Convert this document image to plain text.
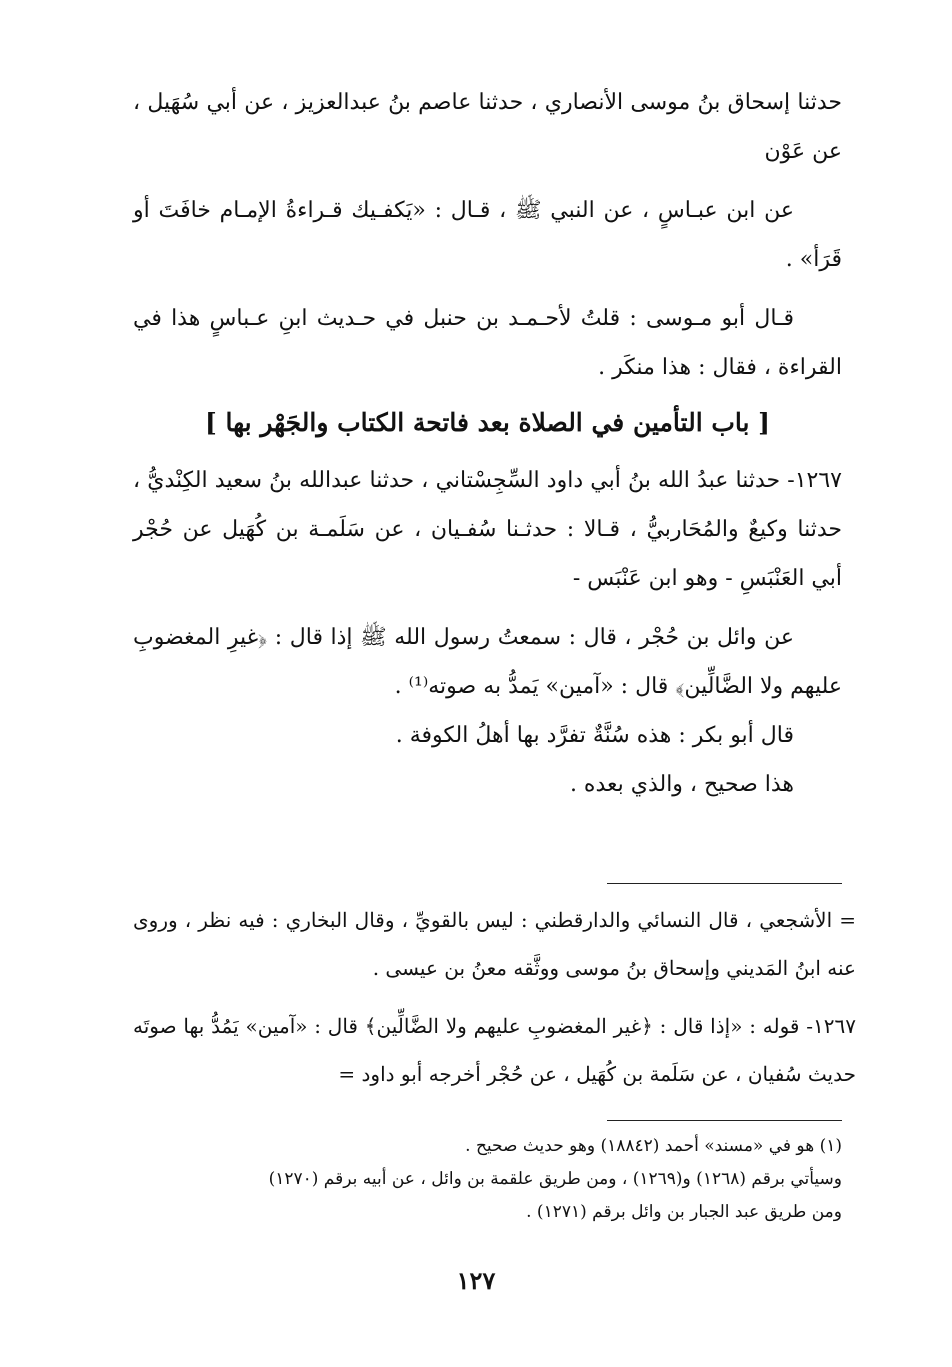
حدثنا إسحاق بنُ موسى الأنصاري ، حدثنا عاصم بنُ عبدالعزيز ، عن أبي سُهَيل ، عن عَوْن

عن ابن عبـاسٍ ، عن النبي ﷺ ، قـال : «يَكفـيك قـراءةُ الإمـام خافَتَ أو قَرَأ» .

قـال أبو مـوسى : قلتُ لأحـمـد بن حنبل في حـديث ابنِ عـباسٍ هذا في القراءة ، فقال : هذا منكَر .

[ باب التأمين في الصلاة بعد فاتحة الكتاب والجَهْر بها ]

١٢٦٧- حدثنا عبدُ الله بنُ أبي داود السِّجِسْتاني ، حدثنا عبدالله بنُ سعيد الكِنْديُّ ، حدثنا وكيعٌ والمُحَاربيُّ ، قـالا : حدثـنا سُفـيان ، عن سَلَمـة بن كُهَيل عن حُجْر أبي العَنْبَسِ - وهو ابن عَنْبَس -

عن وائل بن حُجْر ، قال : سمعتُ رسول الله ﷺ إذا قال : ﴿غيرِ المغضوبِ عليهم ولا الضَّالِّين﴾ قال : «آمين» يَمدُّ به صوته⁽¹⁾ .

قال أبو بكر : هذه سُنَّةٌ تفرَّد بها أهلُ الكوفة .

هذا صحيح ، والذي بعده .

= الأشجعي ، قال النسائي والدارقطني : ليس بالقويِّ ، وقال البخاري : فيه نظر ، وروى عنه ابنُ المَديني وإسحاق بنُ موسى ووثَّقه معنُ بن عيسى .

١٢٦٧- قوله : «إذا قال : ﴿غير المغضوبِ عليهم ولا الضَّالِّين﴾ قال : «آمين» يَمُدُّ بها صوتَه حديث سُفيان ، عن سَلَمة بن كُهَيل ، عن حُجْر أخرجه أبو داود =

(١) هو في «مسند» أحمد (١٨٨٤٢) وهو حديث صحيح .

وسيأتي برقم (١٢٦٨) و(١٢٦٩) ، ومن طريق علقمة بن وائل ، عن أبيه برقم (١٢٧٠)

ومن طريق عبد الجبار بن وائل برقم (١٢٧١) .

١٢٧
